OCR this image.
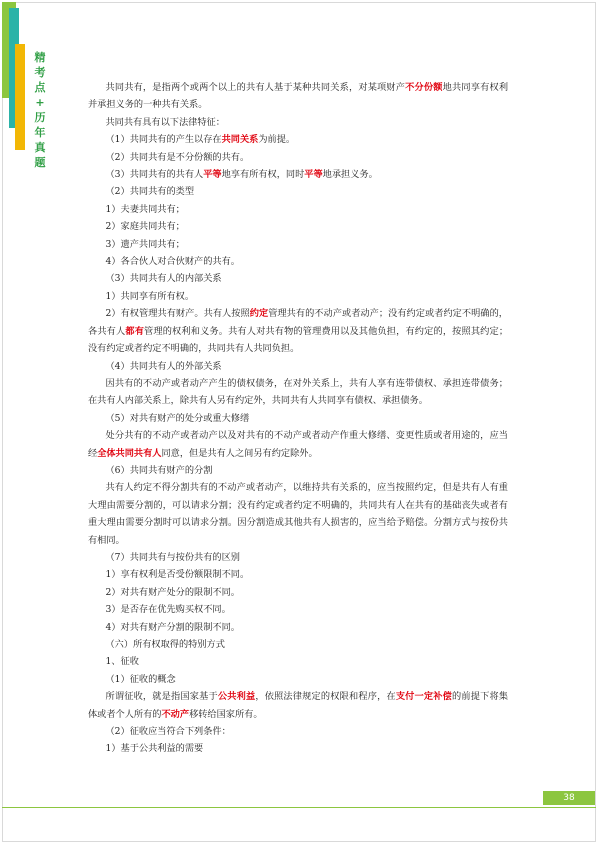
精
考
点
+
历
年
真
题

共同共有，是指两个或两个以上的共有人基于某种共同关系，对某项财产不分份额地共同享有权利并承担义务的一种共有关系。

共同共有具有以下法律特征：

（1）共同共有的产生以存在共同关系为前提。

（2）共同共有是不分份额的共有。

（3）共同共有的共有人平等地享有所有权，同时平等地承担义务。

（2）共同共有的类型

1）夫妻共同共有；

2）家庭共同共有；

3）遗产共同共有；

4）各合伙人对合伙财产的共有。

（3）共同共有人的内部关系

1）共同享有所有权。

2）有权管理共有财产。共有人按照约定管理共有的不动产或者动产；没有约定或者约定不明确的，各共有人都有管理的权利和义务。共有人对共有物的管理费用以及其他负担，有约定的，按照其约定；没有约定或者约定不明确的，共同共有人共同负担。

（4）共同共有人的外部关系

因共有的不动产或者动产产生的债权债务，在对外关系上，共有人享有连带债权、承担连带债务；在共有人内部关系上，除共有人另有约定外，共同共有人共同享有债权、承担债务。

（5）对共有财产的处分或重大修缮

处分共有的不动产或者动产以及对共有的不动产或者动产作重大修缮、变更性质或者用途的，应当经全体共同共有人同意，但是共有人之间另有约定除外。

（6）共同共有财产的分割

共有人约定不得分割共有的不动产或者动产，以维持共有关系的，应当按照约定，但是共有人有重大理由需要分割的，可以请求分割；没有约定或者约定不明确的，共同共有人在共有的基础丧失或者有重大理由需要分割时可以请求分割。因分割造成其他共有人损害的，应当给予赔偿。分割方式与按份共有相同。

（7）共同共有与按份共有的区别

1）享有权利是否受份额限制不同。

2）对共有财产处分的限制不同。

3）是否存在优先购买权不同。

4）对共有财产分割的限制不同。

（六）所有权取得的特别方式

1、征收

（1）征收的概念

所谓征收，就是指国家基于公共利益，依照法律规定的权限和程序，在支付一定补偿的前提下将集体或者个人所有的不动产移转给国家所有。

（2）征收应当符合下列条件：

1）基于公共利益的需要

38
